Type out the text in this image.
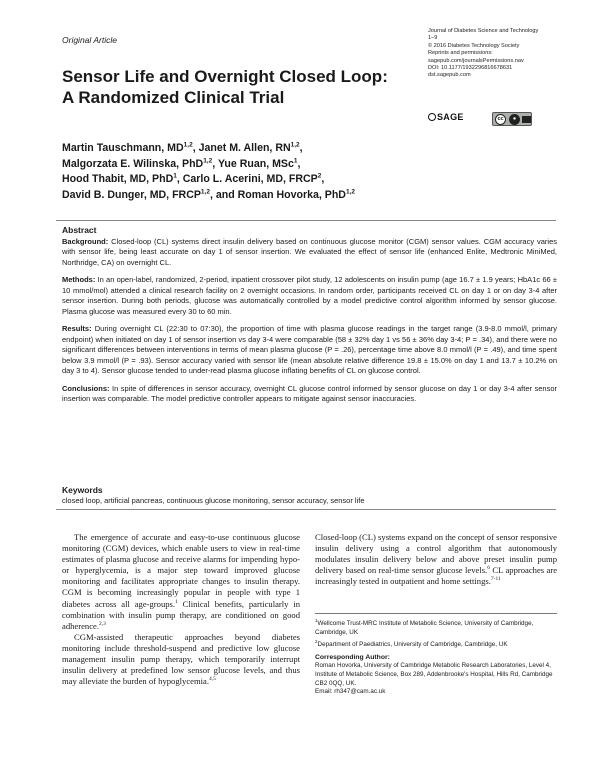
Original Article
Sensor Life and Overnight Closed Loop:
A Randomized Clinical Trial
Journal of Diabetes Science and Technology
1–9
© 2016 Diabetes Technology Society
Reprints and permissions:
sagepub.com/journalsPermissions.nav
DOI: 10.1177/1932296816678631
dst.sagepub.com
SAGE	cc	●
Martin Tauschmann, MD$^{1,2}$, Janet M. Allen, RN$^{1,2}$,
Malgorzata E. Wilinska, PhD$^{1,2}$, Yue Ruan, MSc$^1$,
Hood Thabit, MD, PhD$^1$, Carlo L. Acerini, MD, FRCP$^2$,
David B. Dunger, MD, FRCP$^{1,2}$, and Roman Hovorka, PhD$^{1,2}$
Abstract

Background: Closed-loop (CL) systems direct insulin delivery based on continuous glucose monitor (CGM) sensor values. CGM accuracy varies with sensor life, being least accurate on day 1 of sensor insertion. We evaluated the effect of sensor life (enhanced Enlite, Medtronic MiniMed, Northridge, CA) on overnight CL.

Methods: In an open-label, randomized, 2-period, inpatient crossover pilot study, 12 adolescents on insulin pump (age 16.7 ± 1.9 years; HbA1c 66 ± 10 mmol/mol) attended a clinical research facility on 2 overnight occasions. In random order, participants received CL on day 1 or on day 3-4 after sensor insertion. During both periods, glucose was automatically controlled by a model predictive control algorithm informed by sensor glucose. Plasma glucose was measured every 30 to 60 min.

Results: During overnight CL (22:30 to 07:30), the proportion of time with plasma glucose readings in the target range (3.9-8.0 mmol/l, primary endpoint) when initiated on day 1 of sensor insertion vs day 3-4 were comparable (58 ± 32% day 1 vs 56 ± 36% day 3-4; P = .34), and there were no significant differences between interventions in terms of mean plasma glucose (P = .26), percentage time above 8.0 mmol/l (P = .49), and time spent below 3.9 mmol/l (P = .93). Sensor accuracy varied with sensor life (mean absolute relative difference 19.8 ± 15.0% on day 1 and 13.7 ± 10.2% on day 3 to 4). Sensor glucose tended to under-read plasma glucose inflating benefits of CL on glucose control.

Conclusions: In spite of differences in sensor accuracy, overnight CL glucose control informed by sensor glucose on day 1 or day 3-4 after sensor insertion was comparable. The model predictive controller appears to mitigate against sensor inaccuracies.

Keywords
closed loop, artificial pancreas, continuous glucose monitoring, sensor accuracy, sensor life

The emergence of accurate and easy-to-use continuous glucose monitoring (CGM) devices, which enable users to view in real-time estimates of plasma glucose and receive alarms for impending hypo- or hyperglycemia, is a major step toward improved glucose monitoring and facilitates appropriate changes to insulin therapy. CGM is becoming increasingly popular in people with type 1 diabetes across all age-groups.$^1$ Clinical benefits, particularly in combination with insulin pump therapy, are conditioned on good adherence.$^{2,3}$

CGM-assisted therapeutic approaches beyond diabetes monitoring include threshold-suspend and predictive low glucose management insulin pump therapy, which temporarily interrupt insulin delivery at predefined low sensor glucose levels, and thus may alleviate the burden of hypoglycemia.$^{4,5}$

Closed-loop (CL) systems expand on the concept of sensor responsive insulin delivery using a control algorithm that autonomously modulates insulin delivery below and above preset insulin pump delivery based on real-time sensor glucose levels.$^6$ CL approaches are increasingly tested in outpatient and home settings.$^{7-11}$

$^1$Wellcome Trust-MRC Institute of Metabolic Science, University of Cambridge, Cambridge, UK
$^2$Department of Paediatrics, University of Cambridge, Cambridge, UK
Corresponding Author:
Roman Hovorka, University of Cambridge Metabolic Research Laboratories, Level 4, Institute of Metabolic Science, Box 289, Addenbrooke's Hospital, Hills Rd, Cambridge CB2 0QQ, UK.
Email: rh347@cam.ac.uk
